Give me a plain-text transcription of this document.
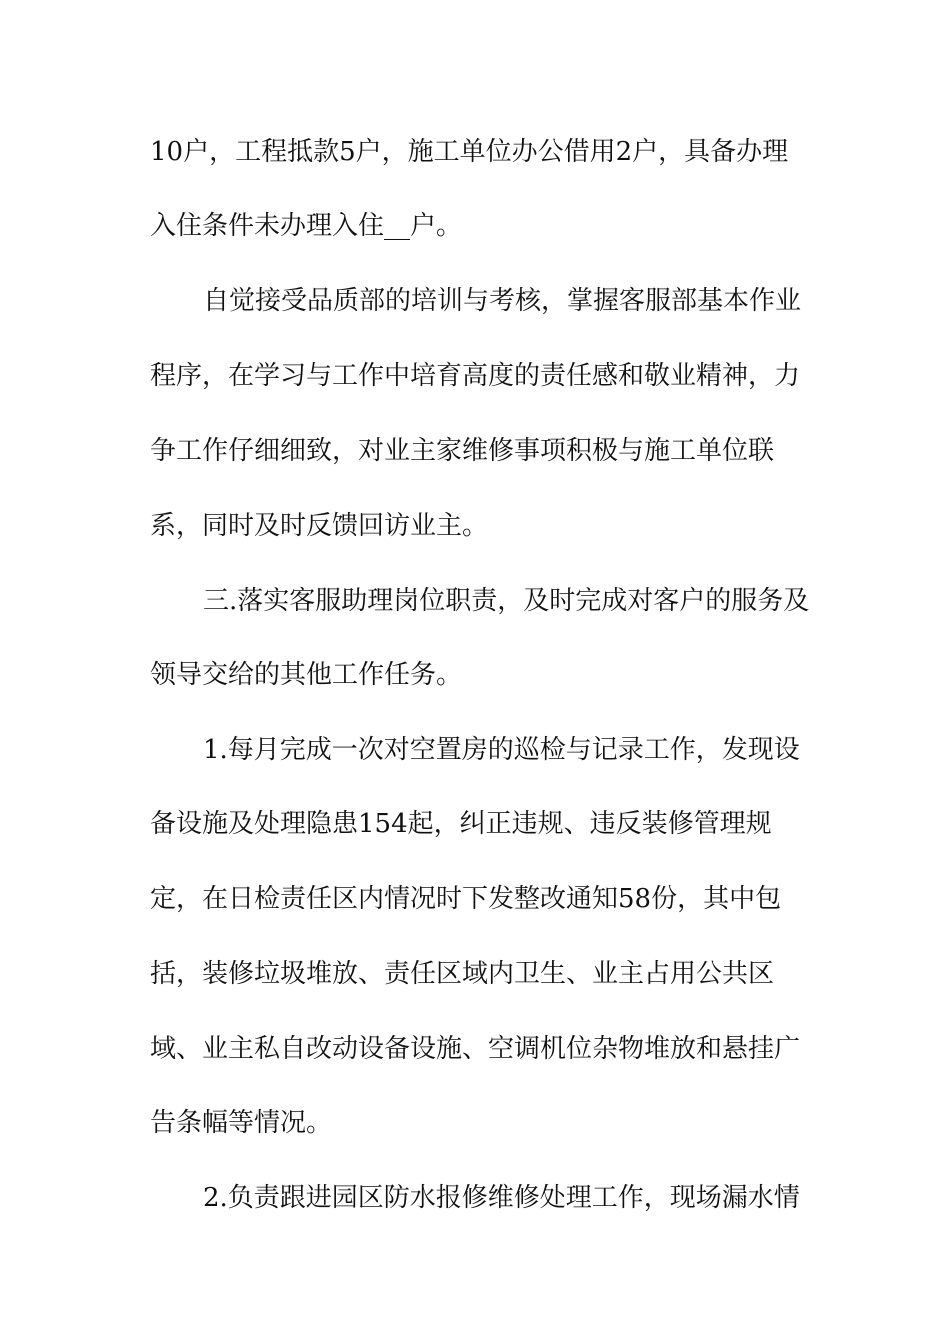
10户，工程抵款5户，施工单位办公借用2户，具备办理
入住条件未办理入住__户。
自觉接受品质部的培训与考核，掌握客服部基本作业
程序，在学习与工作中培育高度的责任感和敬业精神，力
争工作仔细细致，对业主家维修事项积极与施工单位联
系，同时及时反馈回访业主。
三.落实客服助理岗位职责，及时完成对客户的服务及
领导交给的其他工作任务。
1.每月完成一次对空置房的巡检与记录工作，发现设
备设施及处理隐患154起，纠正违规、违反装修管理规
定，在日检责任区内情况时下发整改通知58份，其中包
括，装修垃圾堆放、责任区域内卫生、业主占用公共区
域、业主私自改动设备设施、空调机位杂物堆放和悬挂广
告条幅等情况。
2.负责跟进园区防水报修维修处理工作，现场漏水情
